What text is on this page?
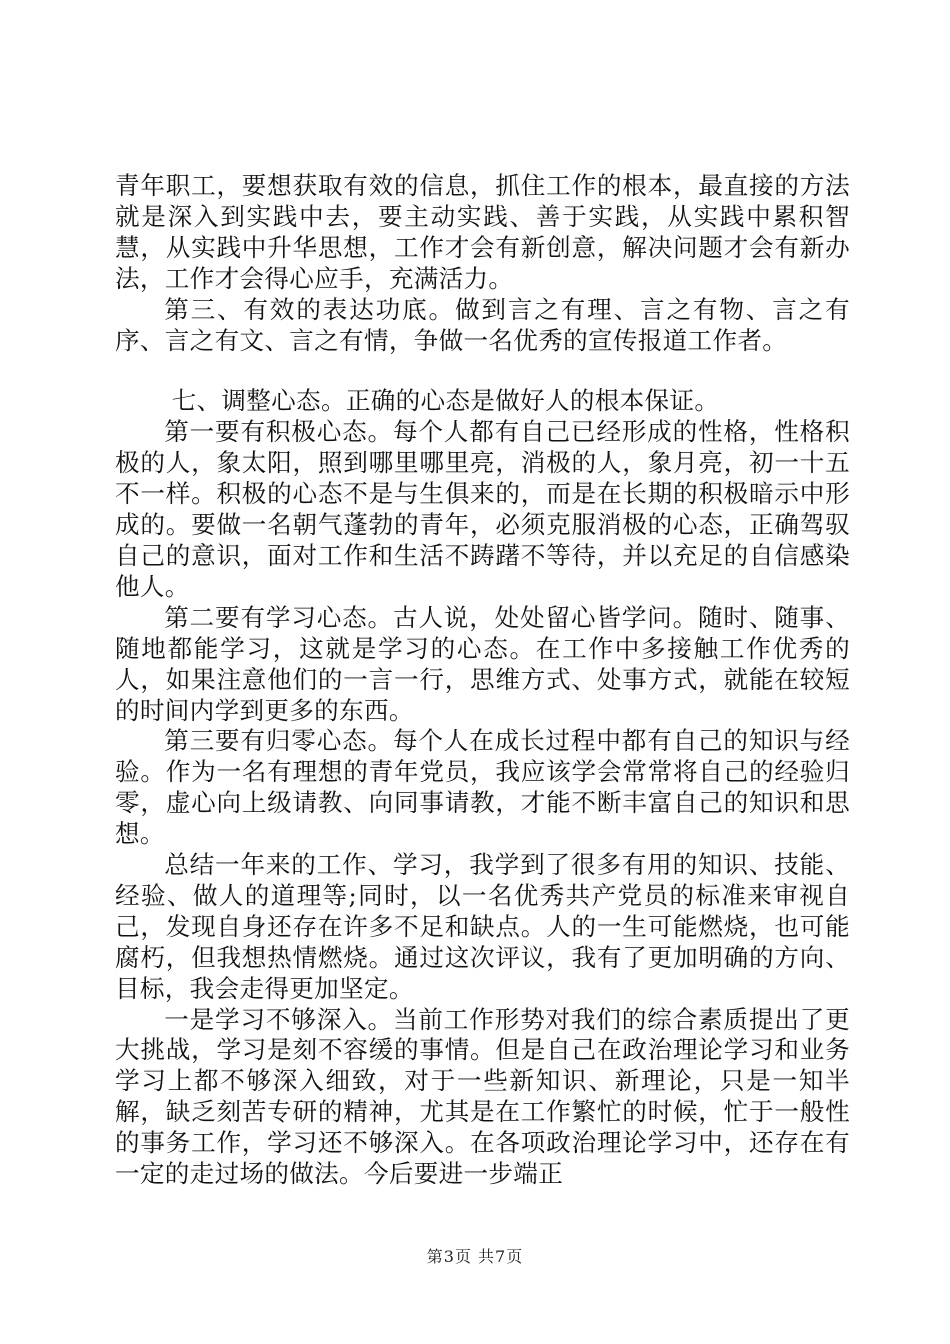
青年职工，要想获取有效的信息，抓住工作的根本，最直接的方法就是深入到实践中去，要主动实践、善于实践，从实践中累积智慧，从实践中升华思想，工作才会有新创意，解决问题才会有新办法，工作才会得心应手，充满活力。

第三、有效的表达功底。做到言之有理、言之有物、言之有序、言之有文、言之有情，争做一名优秀的宣传报道工作者。

七、调整心态。正确的心态是做好人的根本保证。

第一要有积极心态。每个人都有自己已经形成的性格，性格积极的人，象太阳，照到哪里哪里亮，消极的人，象月亮，初一十五不一样。积极的心态不是与生俱来的，而是在长期的积极暗示中形成的。要做一名朝气蓬勃的青年，必须克服消极的心态，正确驾驭自己的意识，面对工作和生活不踌躇不等待，并以充足的自信感染他人。

第二要有学习心态。古人说，处处留心皆学问。随时、随事、随地都能学习，这就是学习的心态。在工作中多接触工作优秀的人，如果注意他们的一言一行，思维方式、处事方式，就能在较短的时间内学到更多的东西。

第三要有归零心态。每个人在成长过程中都有自己的知识与经验。作为一名有理想的青年党员，我应该学会常常将自己的经验归零，虚心向上级请教、向同事请教，才能不断丰富自己的知识和思想。

总结一年来的工作、学习，我学到了很多有用的知识、技能、经验、做人的道理等;同时，以一名优秀共产党员的标准来审视自己，发现自身还存在许多不足和缺点。人的一生可能燃烧，也可能腐朽，但我想热情燃烧。通过这次评议，我有了更加明确的方向、目标，我会走得更加坚定。

一是学习不够深入。当前工作形势对我们的综合素质提出了更大挑战，学习是刻不容缓的事情。但是自己在政治理论学习和业务学习上都不够深入细致，对于一些新知识、新理论，只是一知半解，缺乏刻苦专研的精神，尤其是在工作繁忙的时候，忙于一般性的事务工作，学习还不够深入。在各项政治理论学习中，还存在有一定的走过场的做法。今后要进一步端正

第3页 共7页
